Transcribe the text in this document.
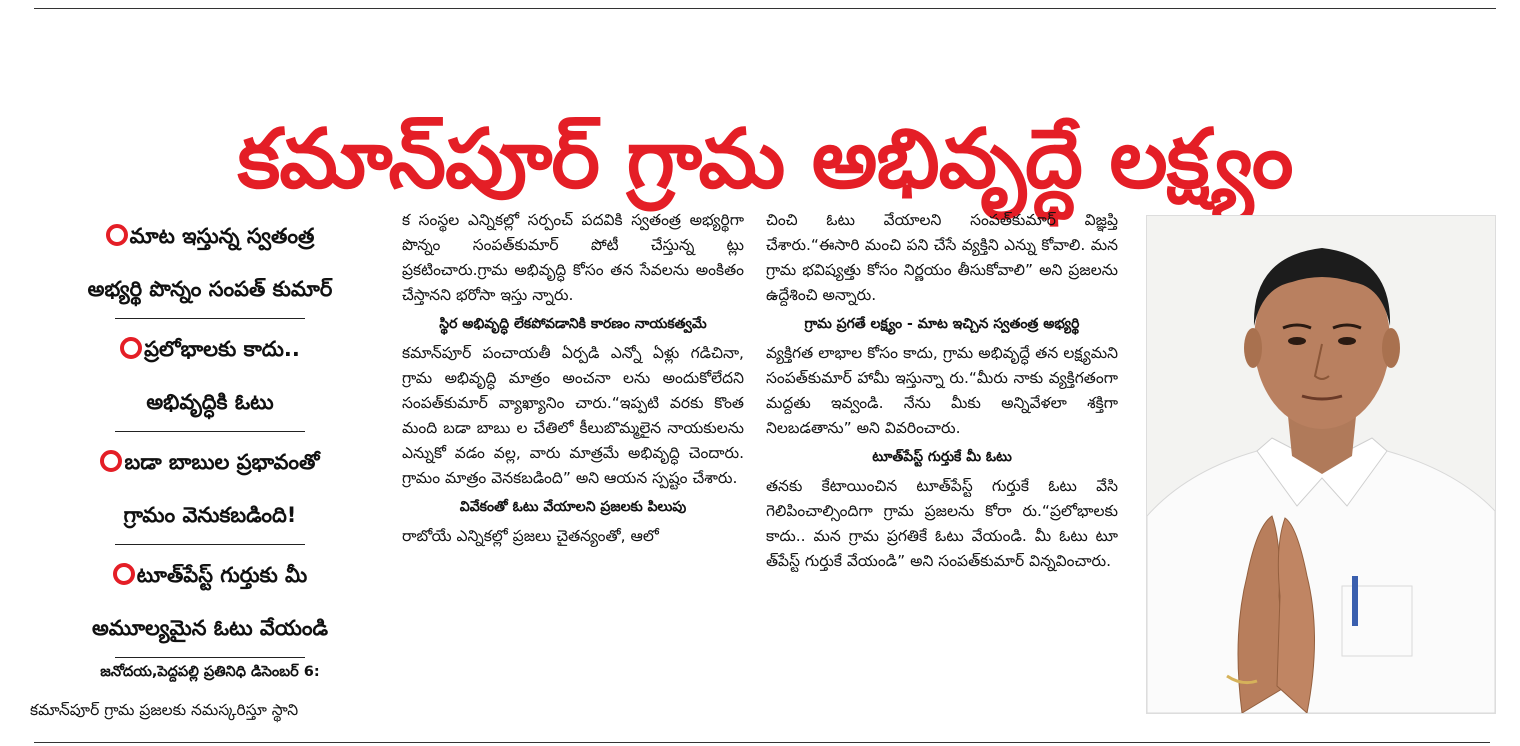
కమాన్‌పూర్ గ్రామ అభివృద్ధే లక్ష్యం
మాట ఇస్తున్న స్వతంత్ర
అభ్యర్థి పొన్నం సంపత్ కుమార్
ప్రలోభాలకు కాదు..
అభివృద్ధికి ఓటు
బడా బాబుల ప్రభావంతో
గ్రామం వెనుకబడింది!
టూత్‌పేస్ట్ గుర్తుకు మీ
అమూల్యమైన ఓటు వేయండి
జనోదయ,పెద్దపల్లి ప్రతినిధి డిసెంబర్ 6:
కమాన్‌పూర్ గ్రామ ప్రజలకు నమస్కరిస్తూ స్థాని
క సంస్థల ఎన్నికల్లో సర్పంచ్ పదవికి స్వతంత్ర అభ్యర్థిగా పొన్నం సంపత్‌కుమార్ పోటీ చేస్తున్న ట్లు ప్రకటించారు.గ్రామ అభివృద్ధి కోసం తన సేవలను అంకితం చేస్తానని భరోసా ఇస్తు న్నారు.
స్థిర అభివృద్ధి లేకపోవడానికి కారణం నాయకత్వమే
కమాన్‌పూర్ పంచాయతీ ఏర్పడి ఎన్నో ఏళ్లు గడిచినా, గ్రామ అభివృద్ధి మాత్రం అంచనా లను అందుకోలేదని సంపత్‌కుమార్ వ్యాఖ్యానిం చారు.“ఇప్పటి వరకు కొంత మంది బడా బాబు ల చేతిలో కీలుబొమ్మలైన నాయకులను ఎన్నుకో వడం వల్ల, వారు మాత్రమే అభివృద్ధి చెందారు. గ్రామం మాత్రం వెనకబడింది” అని ఆయన స్పష్టం చేశారు.
వివేకంతో ఓటు వేయాలని ప్రజలకు పిలుపు
రాబోయే ఎన్నికల్లో ప్రజలు చైతన్యంతో, ఆలో
చించి ఓటు వేయాలని సంపత్‌కుమార్ విజ్ఞప్తి చేశారు.“ఈసారి మంచి పని చేసే వ్యక్తిని ఎన్ను కోవాలి. మన గ్రామ భవిష్యత్తు కోసం నిర్ణయం తీసుకోవాలి” అని ప్రజలను ఉద్దేశించి అన్నారు.
గ్రామ ప్రగతే లక్ష్యం - మాట ఇచ్చిన స్వతంత్ర అభ్యర్థి
వ్యక్తిగత లాభాల కోసం కాదు, గ్రామ అభివృద్ధే తన లక్ష్యమని సంపత్‌కుమార్ హామీ ఇస్తున్నా రు.“మీరు నాకు వ్యక్తిగతంగా మద్దతు ఇవ్వండి. నేను మీకు అన్నివేళలా శక్తిగా నిలబడతాను” అని వివరించారు.
టూత్‌పేస్ట్ గుర్తుకే మీ ఓటు
తనకు కేటాయించిన టూత్‌పేస్ట్ గుర్తుకే ఓటు వేసి గెలిపించాల్సిందిగా గ్రామ ప్రజలను కోరా రు.“ప్రలోభాలకు కాదు.. మన గ్రామ ప్రగతికే ఓటు వేయండి. మీ ఓటు టూ త్‌పేస్ట్ గుర్తుకే వేయండి” అని సంపత్‌కుమార్ విన్నవించారు.
